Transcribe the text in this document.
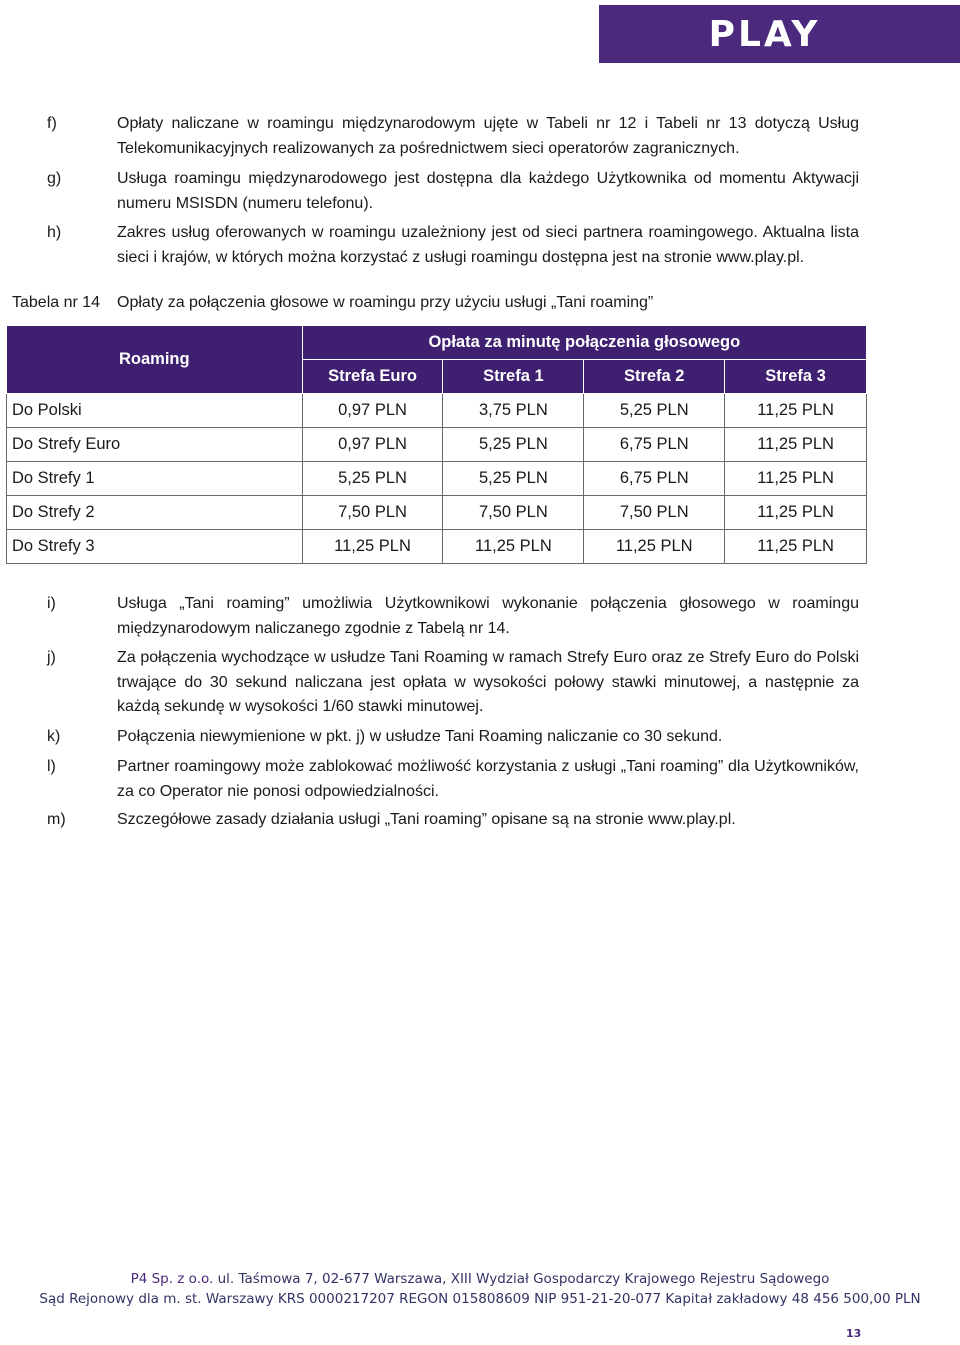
PLAY
f)	Opłaty naliczane w roamingu międzynarodowym ujęte w Tabeli nr 12 i Tabeli nr 13 dotyczą Usług Telekomunikacyjnych realizowanych za pośrednictwem sieci operatorów zagranicznych.
g)	Usługa roamingu międzynarodowego jest dostępna dla każdego Użytkownika od momentu Aktywacji numeru MSISDN (numeru telefonu).
h)	Zakres usług oferowanych w roamingu uzależniony jest od sieci partnera roamingowego. Aktualna lista sieci i krajów, w których można korzystać z usługi roamingu dostępna jest na stronie www.play.pl.
Tabela nr 14 Opłaty za połączenia głosowe w roamingu przy użyciu usługi „Tani roaming”
Roaming	Opłata za minutę połączenia głosowego			
	Strefa Euro	Strefa 1	Strefa 2	Strefa 3
Do Polski	0,97 PLN	3,75 PLN	5,25 PLN	11,25 PLN
Do Strefy Euro	0,97 PLN	5,25 PLN	6,75 PLN	11,25 PLN
Do Strefy 1	5,25 PLN	5,25 PLN	6,75 PLN	11,25 PLN
Do Strefy 2	7,50 PLN	7,50 PLN	7,50 PLN	11,25 PLN
Do Strefy 3	11,25 PLN	11,25 PLN	11,25 PLN	11,25 PLN
i)	Usługa „Tani roaming” umożliwia Użytkownikowi wykonanie połączenia głosowego w roamingu międzynarodowym naliczanego zgodnie z Tabelą nr 14.
j)	Za połączenia wychodzące w usłudze Tani Roaming w ramach Strefy Euro oraz ze Strefy Euro do Polski trwające do 30 sekund naliczana jest opłata w wysokości połowy stawki minutowej, a następnie za każdą sekundę w wysokości 1/60 stawki minutowej.
k)	Połączenia niewymienione w pkt. j) w usłudze Tani Roaming naliczanie co 30 sekund.
l)	Partner roamingowy może zablokować możliwość korzystania z usługi „Tani roaming” dla Użytkowników, za co Operator nie ponosi odpowiedzialności.
m)	Szczegółowe zasady działania usługi „Tani roaming” opisane są na stronie www.play.pl.
P4 Sp. z o.o. ul. Taśmowa 7, 02-677 Warszawa, XIII Wydział Gospodarczy Krajowego Rejestru Sądowego
Sąd Rejonowy dla m. st. Warszawy KRS 0000217207 REGON 015808609 NIP 951-21-20-077 Kapitał zakładowy 48 456 500,00 PLN
13
